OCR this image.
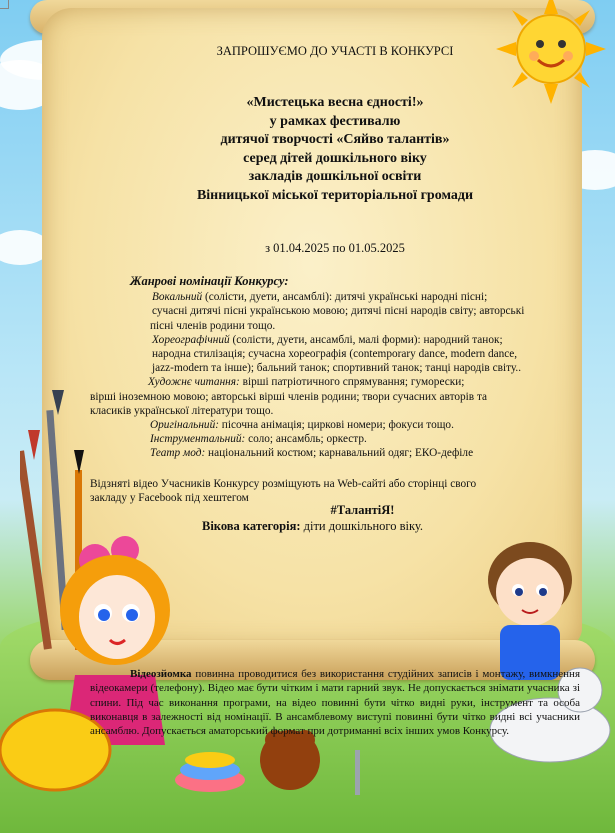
ЗАПРОШУЄМО ДО УЧАСТІ В КОНКУРСІ
«Мистецька весна єдності!»
у рамках фестивалю
дитячої творчості «Сяйво талантів»
серед дітей дошкільного віку
закладів дошкільної освіти
Вінницької міської територіальної громади
з 01.04.2025 по 01.05.2025
Жанрові номінації Конкурсу:
Вокальний (солісти, дуети, ансамблі): дитячі українські народні пісні;
сучасні дитячі пісні українською мовою; дитячі пісні народів світу; авторські
пісні членів родини тощо.
Хореографічний (солісти, дуети, ансамблі, малі форми): народний танок;
народна стилізація; сучасна хореографія (contemporary dance, modern dance,
jazz-modern та інше); бальний танок; спортивний танок; танці народів світу..
Художнє читання: вірші патріотичного спрямування; гуморески;
вірші іноземною мовою; авторські вірші членів родини; твори сучасних авторів та
класиків української літератури тощо.
Оригінальний: пісочна анімація; циркові номери; фокуси тощо.
Інструментальний: соло; ансамбль; оркестр.
Театр мод: національний костюм; карнавальний одяг; ЕКО-дефіле
Відзняті відео Учасників Конкурсу розміщують на Web-сайті або сторінці свого
закладу у Facebook під хештегом
#ТалантіЯ!
Вікова категорія: діти дошкільного віку.
Відеозйомка повинна проводитися без використання студійних записів і монтажу, вимкнення відеокамери (телефону). Відео має бути чітким і мати гарний звук. Не допускається знімати учасника зі спини. Під час виконання програми, на відео повинні бути чітко видні руки, інструмент та особа виконавця в залежності від номінації. В ансамблевому виступі повинні бути чітко видні всі учасники ансамблю. Допускається аматорський формат при дотриманні всіх інших умов Конкурсу.
